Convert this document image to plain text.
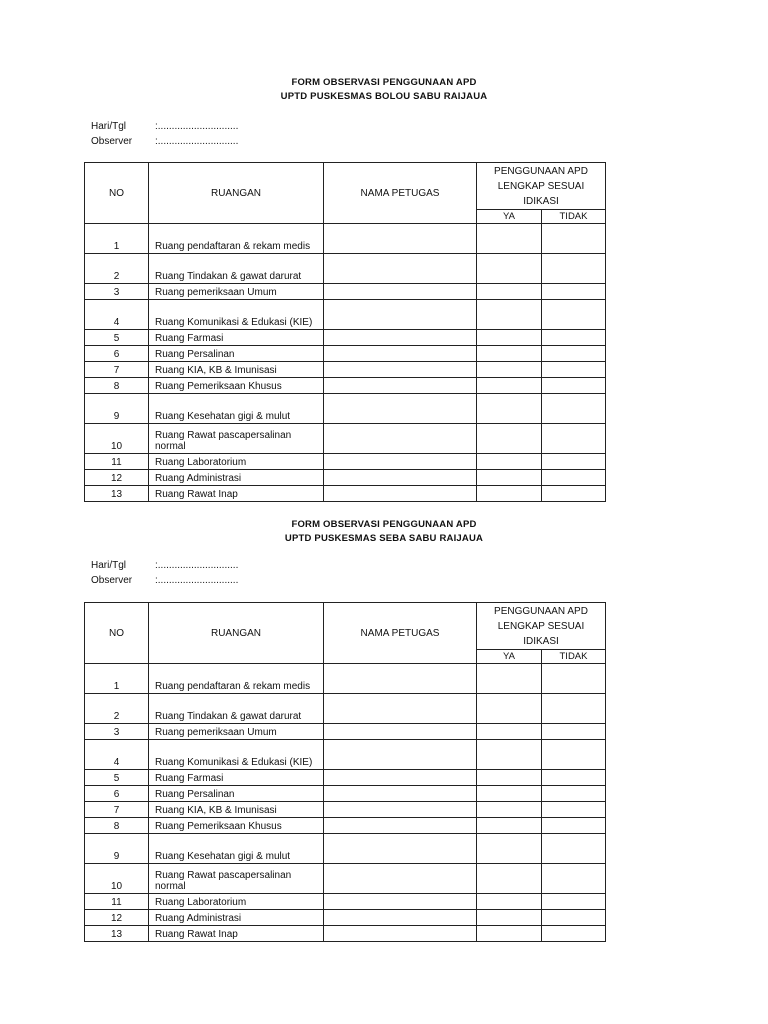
FORM OBSERVASI PENGGUNAAN APD
UPTD PUSKESMAS BOLOU SABU RAIJAUA
Hari/Tgl	:.............................
Observer	:.............................
NO	RUANGAN	NAMA PETUGAS	PENGGUNAAN APD LENGKAP SESUAI IDIKASI	

			YA	TIDAK
1	Ruang pendaftaran & rekam medis			
2	Ruang Tindakan & gawat darurat			
3	Ruang pemeriksaan Umum			
4	Ruang Komunikasi & Edukasi (KIE)			
5	Ruang Farmasi			
6	Ruang Persalinan			
7	Ruang KIA, KB & Imunisasi			
8	Ruang Pemeriksaan Khusus			
9	Ruang Kesehatan gigi & mulut			
10	Ruang Rawat pascapersalinan normal			
11	Ruang Laboratorium			
12	Ruang Administrasi			
13	Ruang Rawat Inap			
FORM OBSERVASI PENGGUNAAN APD
UPTD PUSKESMAS SEBA SABU RAIJAUA
Hari/Tgl	:.............................
Observer	:.............................
NO	RUANGAN	NAMA PETUGAS	PENGGUNAAN APD LENGKAP SESUAI IDIKASI	

			YA	TIDAK
1	Ruang pendaftaran & rekam medis			
2	Ruang Tindakan & gawat darurat			
3	Ruang pemeriksaan Umum			
4	Ruang Komunikasi & Edukasi (KIE)			
5	Ruang Farmasi			
6	Ruang Persalinan			
7	Ruang KIA, KB & Imunisasi			
8	Ruang Pemeriksaan Khusus			
9	Ruang Kesehatan gigi & mulut			
10	Ruang Rawat pascapersalinan normal			
11	Ruang Laboratorium			
12	Ruang Administrasi			
13	Ruang Rawat Inap			
